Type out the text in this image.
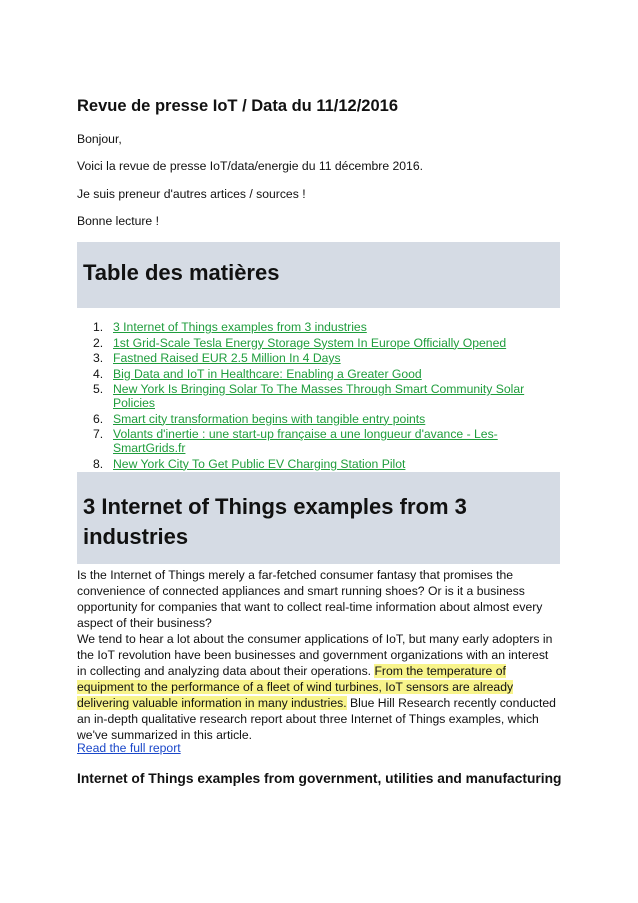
Revue de presse IoT / Data du 11/12/2016
Bonjour,
Voici la revue de presse IoT/data/energie du 11 décembre 2016.
Je suis preneur d'autres artices / sources !
Bonne lecture !
Table des matières
1. 3 Internet of Things examples from 3 industries
2. 1st Grid-Scale Tesla Energy Storage System In Europe Officially Opened
3. Fastned Raised EUR 2.5 Million In 4 Days
4. Big Data and IoT in Healthcare: Enabling a Greater Good
5. New York Is Bringing Solar To The Masses Through Smart Community Solar Policies
6. Smart city transformation begins with tangible entry points
7. Volants d'inertie : une start-up française a une longueur d'avance - Les-SmartGrids.fr
8. New York City To Get Public EV Charging Station Pilot
3 Internet of Things examples from 3 industries
Is the Internet of Things merely a far-fetched consumer fantasy that promises the convenience of connected appliances and smart running shoes? Or is it a business opportunity for companies that want to collect real-time information about almost every aspect of their business?
We tend to hear a lot about the consumer applications of IoT, but many early adopters in the IoT revolution have been businesses and government organizations with an interest in collecting and analyzing data about their operations. From the temperature of equipment to the performance of a fleet of wind turbines, IoT sensors are already delivering valuable information in many industries. Blue Hill Research recently conducted an in-depth qualitative research report about three Internet of Things examples, which we've summarized in this article.
Read the full report
Internet of Things examples from government, utilities and manufacturing
